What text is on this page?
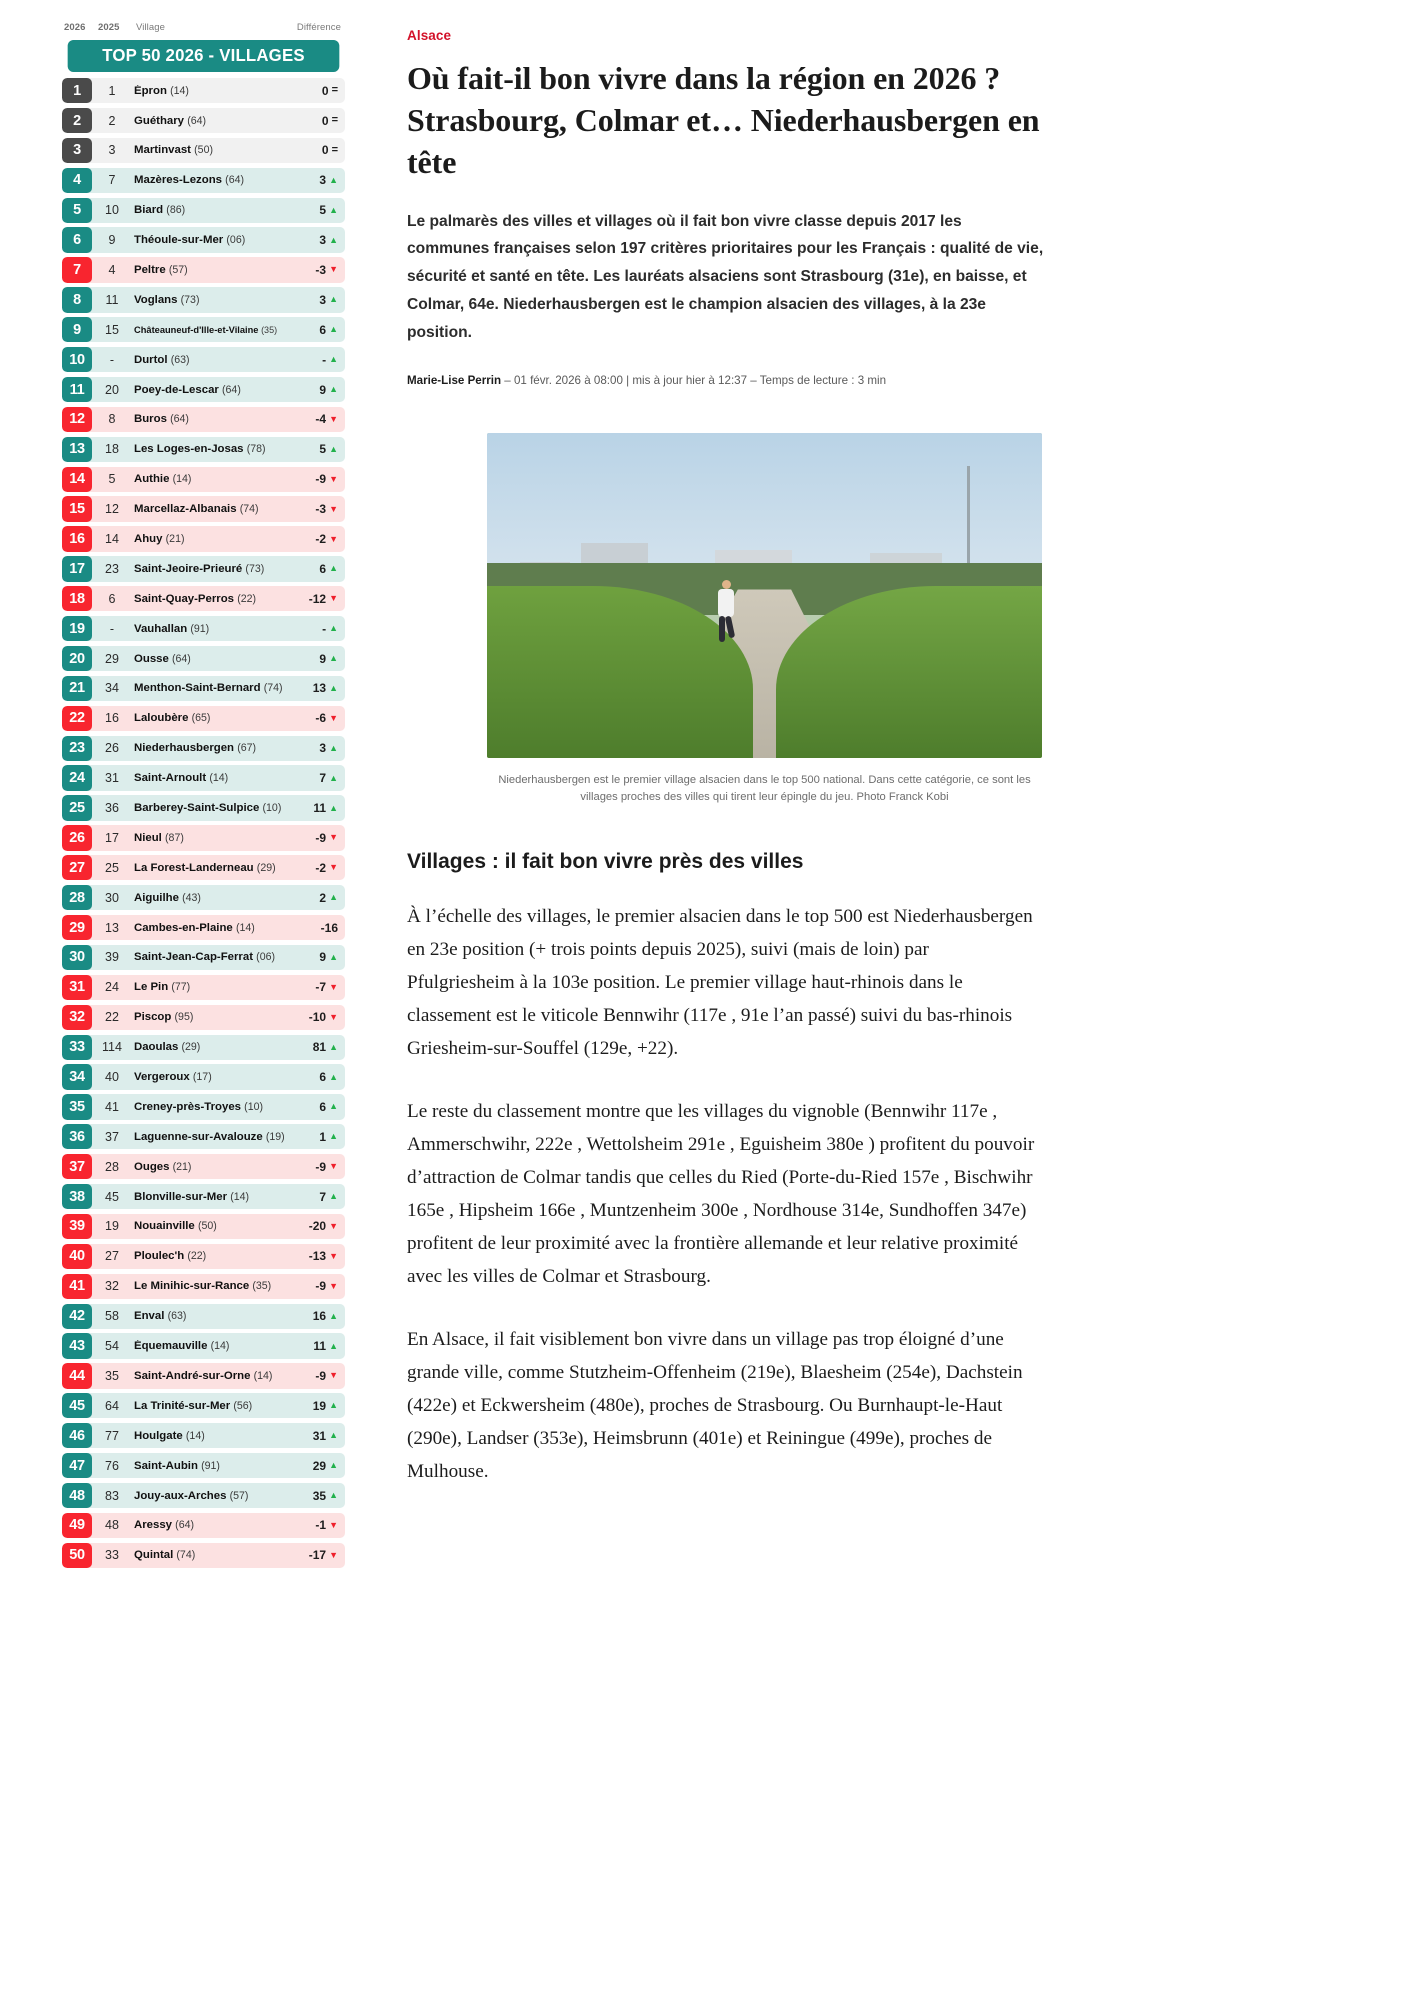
2026	2025	Village	Différence
TOP 50 2026 - VILLAGES
1	1	Épron (14)	0 =
2	2	Guéthary (64)	0 =
3	3	Martinvast (50)	0 =
4	7	Mazères-Lezons (64)	3 ▲
5	10	Biard (86)	5 ▲
6	9	Théoule-sur-Mer (06)	3 ▲
7	4	Peltre (57)	-3 ▼
8	11	Voglans (73)	3 ▲
9	15	Châteauneuf-d'Ille-et-Vilaine (35)	6 ▲
10	-	Durtol (63)	- ▲
11	20	Poey-de-Lescar (64)	9 ▲
12	8	Buros (64)	-4 ▼
13	18	Les Loges-en-Josas (78)	5 ▲
14	5	Authie (14)	-9 ▼
15	12	Marcellaz-Albanais (74)	-3 ▼
16	14	Ahuy (21)	-2 ▼
17	23	Saint-Jeoire-Prieuré (73)	6 ▲
18	6	Saint-Quay-Perros (22)	-12 ▼
19	-	Vauhallan (91)	- ▲
20	29	Ousse (64)	9 ▲
21	34	Menthon-Saint-Bernard (74)	13 ▲
22	16	Laloubère (65)	-6 ▼
23	26	Niederhausbergen (67)	3 ▲
24	31	Saint-Arnoult (14)	7 ▲
25	36	Barberey-Saint-Sulpice (10)	11 ▲
26	17	Nieul (87)	-9 ▼
27	25	La Forest-Landerneau (29)	-2 ▼
28	30	Aiguilhe (43)	2 ▲
29	13	Cambes-en-Plaine (14)	-16
30	39	Saint-Jean-Cap-Ferrat (06)	9 ▲
31	24	Le Pin (77)	-7 ▼
32	22	Piscop (95)	-10 ▼
33	114	Daoulas (29)	81 ▲
34	40	Vergeroux (17)	6 ▲
35	41	Creney-près-Troyes (10)	6 ▲
36	37	Laguenne-sur-Avalouze (19)	1 ▲
37	28	Ouges (21)	-9 ▼
38	45	Blonville-sur-Mer (14)	7 ▲
39	19	Nouainville (50)	-20 ▼
40	27	Ploulec'h (22)	-13 ▼
41	32	Le Minihic-sur-Rance (35)	-9 ▼
42	58	Enval (63)	16 ▲
43	54	Équemauville (14)	11 ▲
44	35	Saint-André-sur-Orne (14)	-9 ▼
45	64	La Trinité-sur-Mer (56)	19 ▲
46	77	Houlgate (14)	31 ▲
47	76	Saint-Aubin (91)	29 ▲
48	83	Jouy-aux-Arches (57)	35 ▲
49	48	Aressy (64)	-1 ▼
50	33	Quintal (74)	-17 ▼
Alsace
Où fait-il bon vivre dans la région en 2026 ? Strasbourg, Colmar et… Niederhausbergen en tête

Le palmarès des villes et villages où il fait bon vivre classe depuis 2017 les communes françaises selon 197 critères prioritaires pour les Français : qualité de vie, sécurité et santé en tête. Les lauréats alsaciens sont Strasbourg (31e), en baisse, et Colmar, 64e. Niederhausbergen est le champion alsacien des villages, à la 23e position.

Marie-Lise Perrin – 01 févr. 2026 à 08:00 | mis à jour hier à 12:37 – Temps de lecture : 3 min
Niederhausbergen est le premier village alsacien dans le top 500 national. Dans cette catégorie, ce sont les villages proches des villes qui tirent leur épingle du jeu. Photo Franck Kobi
Villages : il fait bon vivre près des villes

À l’échelle des villages, le premier alsacien dans le top 500 est Niederhausbergen en 23e position (+ trois points depuis 2025), suivi (mais de loin) par Pfulgriesheim à la 103e position. Le premier village haut-rhinois dans le classement est le viticole Bennwihr (117e , 91e l’an passé) suivi du bas-rhinois Griesheim-sur-Souffel (129e, +22).

Le reste du classement montre que les villages du vignoble (Bennwihr 117e , Ammerschwihr, 222e , Wettolsheim 291e , Eguisheim 380e ) profitent du pouvoir d’attraction de Colmar tandis que celles du Ried (Porte-du-Ried 157e , Bischwihr 165e , Hipsheim 166e , Muntzenheim 300e , Nordhouse 314e, Sundhoffen 347e) profitent de leur proximité avec la frontière allemande et leur relative proximité avec les villes de Colmar et Strasbourg.

En Alsace, il fait visiblement bon vivre dans un village pas trop éloigné d’une grande ville, comme Stutzheim-Offenheim (219e), Blaesheim (254e), Dachstein (422e) et Eckwersheim (480e), proches de Strasbourg. Ou Burnhaupt-le-Haut (290e), Landser (353e), Heimsbrunn (401e) et Reiningue (499e), proches de Mulhouse.
